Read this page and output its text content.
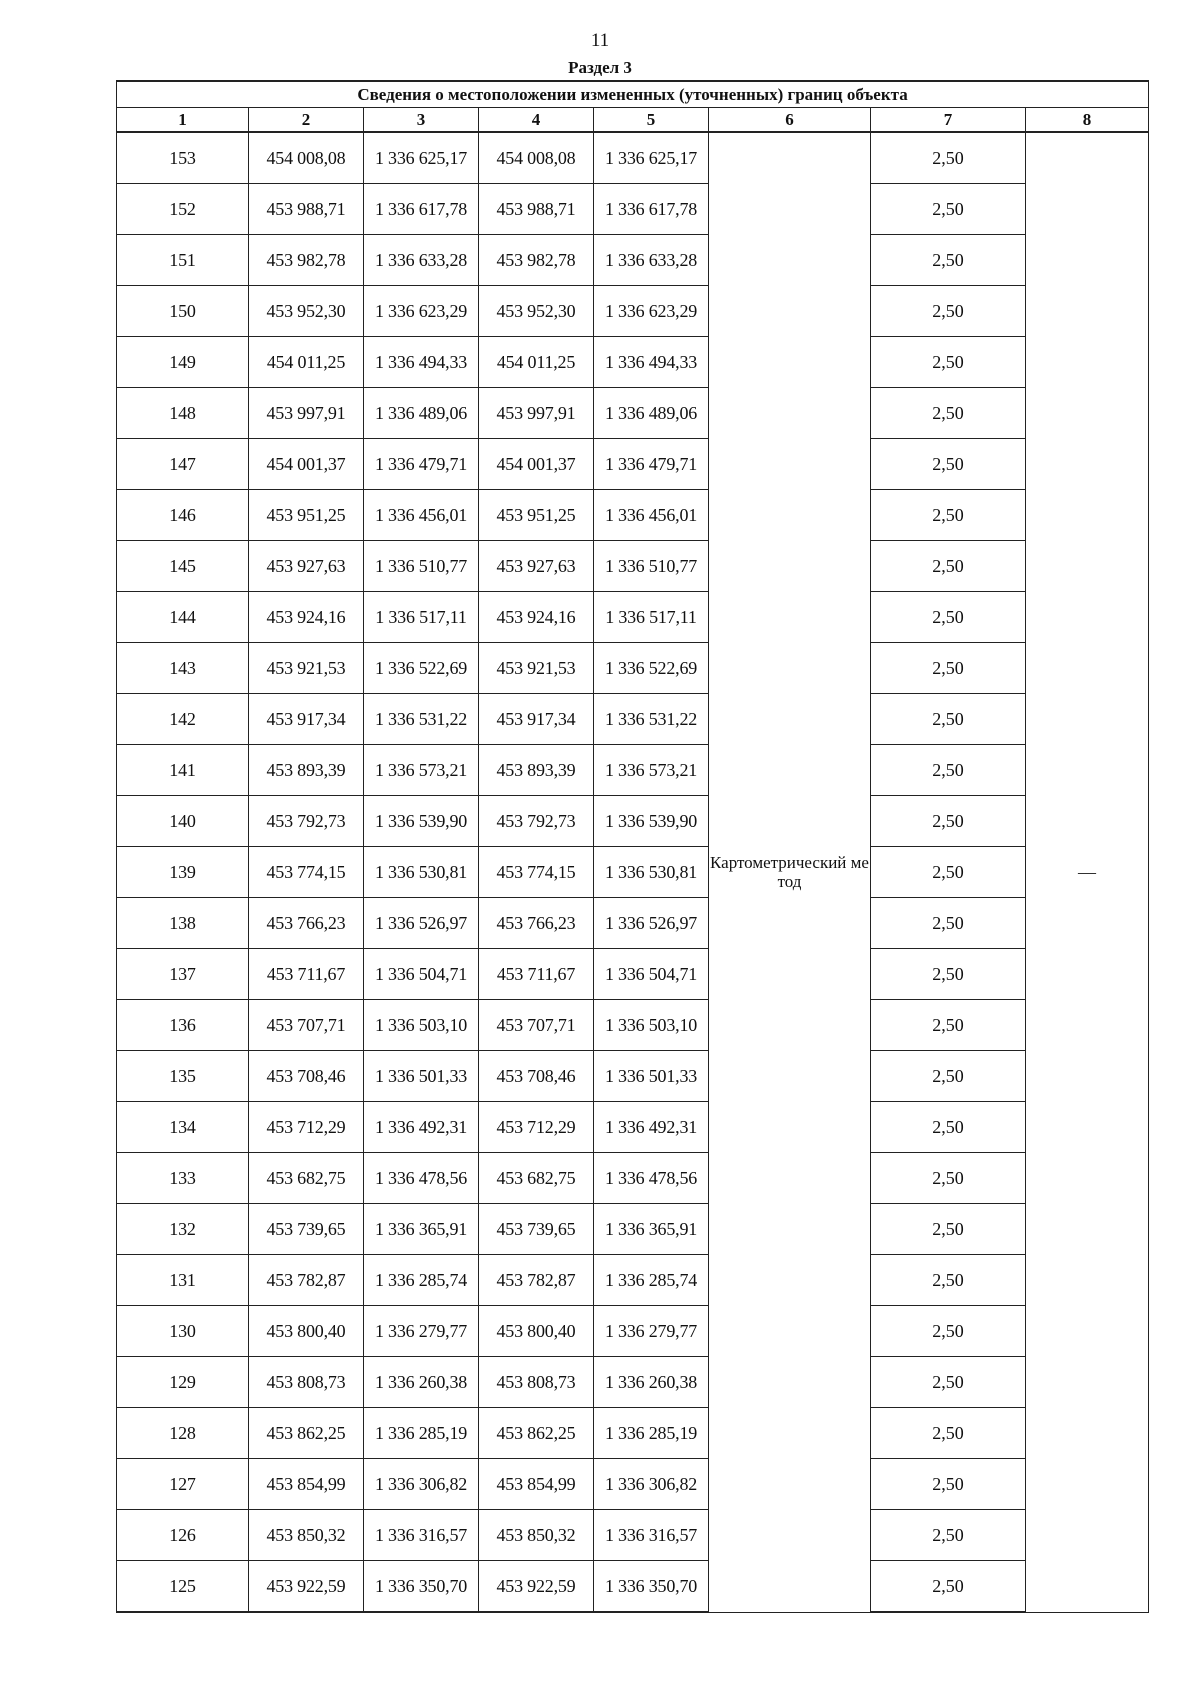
11
Раздел 3
Сведения о местоположении измененных (уточненных) границ объекта							
1	2	3	4	5	6	7	8
153	454 008,08	1 336 625,17	454 008,08	1 336 625,17	Картометрический метод	2,50	—
152	453 988,71	1 336 617,78	453 988,71	1 336 617,78		2,50	
151	453 982,78	1 336 633,28	453 982,78	1 336 633,28		2,50	
150	453 952,30	1 336 623,29	453 952,30	1 336 623,29		2,50	
149	454 011,25	1 336 494,33	454 011,25	1 336 494,33		2,50	
148	453 997,91	1 336 489,06	453 997,91	1 336 489,06		2,50	
147	454 001,37	1 336 479,71	454 001,37	1 336 479,71		2,50	
146	453 951,25	1 336 456,01	453 951,25	1 336 456,01		2,50	
145	453 927,63	1 336 510,77	453 927,63	1 336 510,77		2,50	
144	453 924,16	1 336 517,11	453 924,16	1 336 517,11		2,50	
143	453 921,53	1 336 522,69	453 921,53	1 336 522,69		2,50	
142	453 917,34	1 336 531,22	453 917,34	1 336 531,22		2,50	
141	453 893,39	1 336 573,21	453 893,39	1 336 573,21		2,50	
140	453 792,73	1 336 539,90	453 792,73	1 336 539,90		2,50	
139	453 774,15	1 336 530,81	453 774,15	1 336 530,81		2,50	
138	453 766,23	1 336 526,97	453 766,23	1 336 526,97		2,50	
137	453 711,67	1 336 504,71	453 711,67	1 336 504,71		2,50	
136	453 707,71	1 336 503,10	453 707,71	1 336 503,10		2,50	
135	453 708,46	1 336 501,33	453 708,46	1 336 501,33		2,50	
134	453 712,29	1 336 492,31	453 712,29	1 336 492,31		2,50	
133	453 682,75	1 336 478,56	453 682,75	1 336 478,56		2,50	
132	453 739,65	1 336 365,91	453 739,65	1 336 365,91		2,50	
131	453 782,87	1 336 285,74	453 782,87	1 336 285,74		2,50	
130	453 800,40	1 336 279,77	453 800,40	1 336 279,77		2,50	
129	453 808,73	1 336 260,38	453 808,73	1 336 260,38		2,50	
128	453 862,25	1 336 285,19	453 862,25	1 336 285,19		2,50	
127	453 854,99	1 336 306,82	453 854,99	1 336 306,82		2,50	
126	453 850,32	1 336 316,57	453 850,32	1 336 316,57		2,50	
125	453 922,59	1 336 350,70	453 922,59	1 336 350,70		2,50	
